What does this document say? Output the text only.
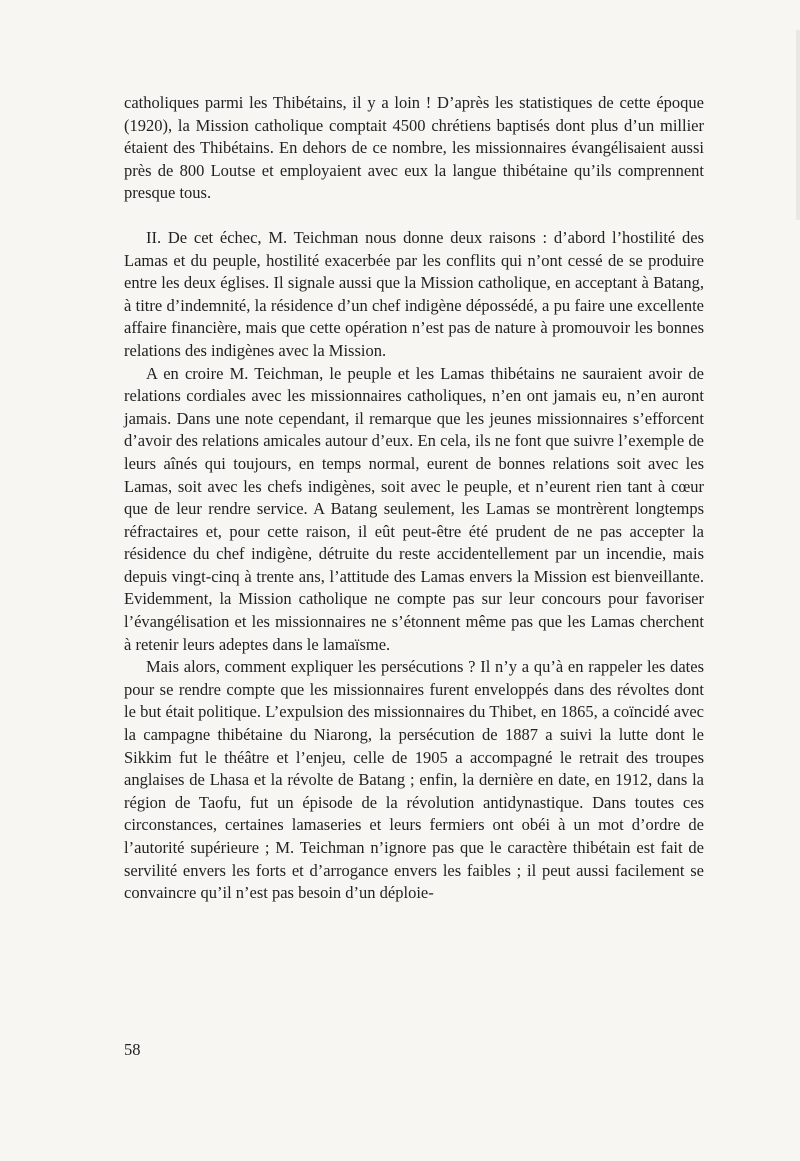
catholiques parmi les Thibétains, il y a loin ! D’après les statistiques de cette époque (1920), la Mission catholique comptait 4500 chrétiens baptisés dont plus d’un millier étaient des Thibétains. En dehors de ce nombre, les missionnaires évangélisaient aussi près de 800 Loutse et employaient avec eux la langue thibétaine qu’ils comprennent presque tous.

II. De cet échec, M. Teichman nous donne deux raisons : d’abord l’hostilité des Lamas et du peuple, hostilité exacerbée par les conflits qui n’ont cessé de se produire entre les deux églises. Il signale aussi que la Mission catholique, en acceptant à Batang, à titre d’indemnité, la résidence d’un chef indigène dépossédé, a pu faire une excellente affaire financière, mais que cette opération n’est pas de nature à promouvoir les bonnes relations des indigènes avec la Mission.

A en croire M. Teichman, le peuple et les Lamas thibétains ne sauraient avoir de relations cordiales avec les missionnaires catholiques, n’en ont jamais eu, n’en auront jamais. Dans une note cependant, il remarque que les jeunes missionnaires s’efforcent d’avoir des relations amicales autour d’eux. En cela, ils ne font que suivre l’exemple de leurs aînés qui toujours, en temps normal, eurent de bonnes relations soit avec les Lamas, soit avec les chefs indigènes, soit avec le peuple, et n’eurent rien tant à cœur que de leur rendre service. A Batang seulement, les Lamas se montrèrent longtemps réfractaires et, pour cette raison, il eût peut-être été prudent de ne pas accepter la résidence du chef indigène, détruite du reste accidentellement par un incendie, mais depuis vingt-cinq à trente ans, l’attitude des Lamas envers la Mission est bienveillante. Evidemment, la Mission catholique ne compte pas sur leur concours pour favoriser l’évangélisation et les missionnaires ne s’étonnent même pas que les Lamas cherchent à retenir leurs adeptes dans le lamaïsme.

Mais alors, comment expliquer les persécutions ? Il n’y a qu’à en rappeler les dates pour se rendre compte que les missionnaires furent enveloppés dans des révoltes dont le but était politique. L’expulsion des missionnaires du Thibet, en 1865, a coïncidé avec la campagne thibétaine du Niarong, la persécution de 1887 a suivi la lutte dont le Sikkim fut le théâtre et l’enjeu, celle de 1905 a accompagné le retrait des troupes anglaises de Lhasa et la révolte de Batang ; enfin, la dernière en date, en 1912, dans la région de Taofu, fut un épisode de la révolution antidynastique. Dans toutes ces circonstances, certaines lamaseries et leurs fermiers ont obéi à un mot d’ordre de l’autorité supérieure ; M. Teichman n’ignore pas que le caractère thibétain est fait de servilité envers les forts et d’arrogance envers les faibles ; il peut aussi facilement se convaincre qu’il n’est pas besoin d’un déploie-

58
